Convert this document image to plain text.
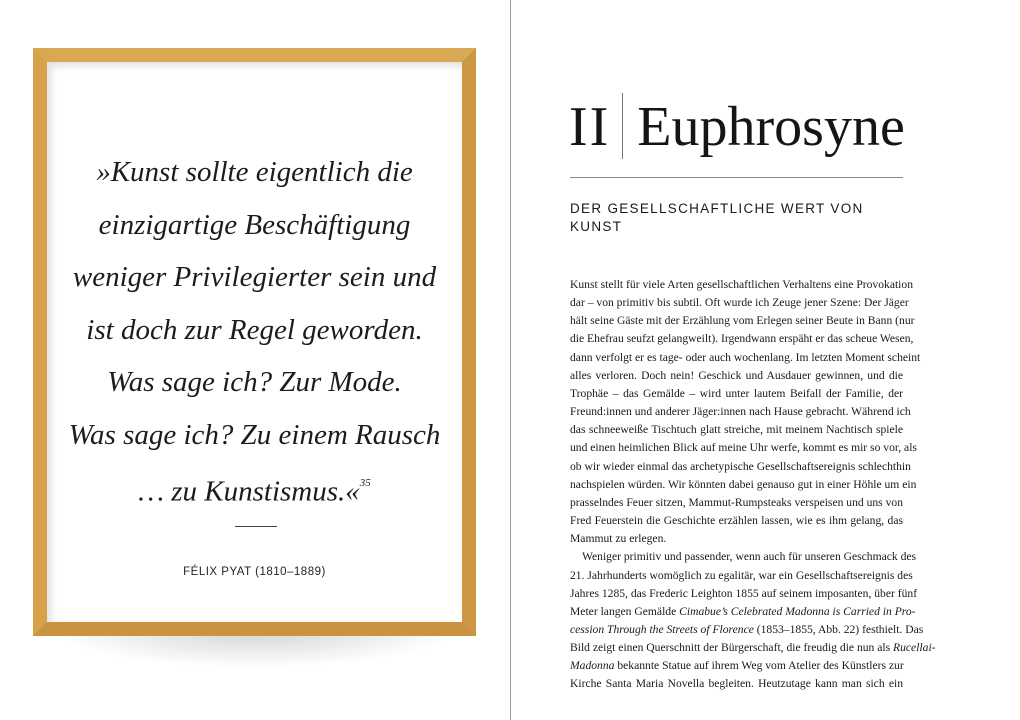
»Kunst sollte eigentlich die
einzigartige Beschäftigung
weniger Privilegierter sein und
ist doch zur Regel geworden.
Was sage ich? Zur Mode.
Was sage ich? Zu einem Rausch
… zu Kunstismus.«$^{35}$
FÉLIX PYAT (1810–1889)
II Euphrosyne
DER GESELLSCHAFTLICHE WERT VON
KUNST
Kunst stellt für viele Arten gesellschaftlichen Verhaltens eine Provokation
dar – von primitiv bis subtil. Oft wurde ich Zeuge jener Szene: Der Jäger
hält seine Gäste mit der Erzählung vom Erlegen seiner Beute in Bann (nur
die Ehefrau seufzt gelangweilt). Irgendwann erspäht er das scheue Wesen,
dann verfolgt er es tage- oder auch wochenlang. Im letzten Moment scheint
alles verloren. Doch nein! Geschick und Ausdauer gewinnen, und die
Trophäe – das Gemälde – wird unter lautem Beifall der Familie, der
Freund:innen und anderer Jäger:innen nach Hause gebracht. Während ich
das schneeweiße Tischtuch glatt streiche, mit meinem Nachtisch spiele
und einen heimlichen Blick auf meine Uhr werfe, kommt es mir so vor, als
ob wir wieder einmal das archetypische Gesellschaftsereignis schlechthin
nachspielen würden. Wir könnten dabei genauso gut in einer Höhle um ein
prasselndes Feuer sitzen, Mammut-Rumpsteaks verspeisen und uns von
Fred Feuerstein die Geschichte erzählen lassen, wie es ihm gelang, das
Mammut zu erlegen.
Weniger primitiv und passender, wenn auch für unseren Geschmack des
21. Jahrhunderts womöglich zu egalitär, war ein Gesellschaftsereignis des
Jahres 1285, das Frederic Leighton 1855 auf seinem imposanten, über fünf
Meter langen Gemälde Cimabue’s Celebrated Madonna is Carried in Pro-
cession Through the Streets of Florence (1853–1855, Abb. 22) festhielt. Das
Bild zeigt einen Querschnitt der Bürgerschaft, die freudig die nun als Rucellai-
Madonna bekannte Statue auf ihrem Weg vom Atelier des Künstlers zur
Kirche Santa Maria Novella begleiten. Heutzutage kann man sich ein
